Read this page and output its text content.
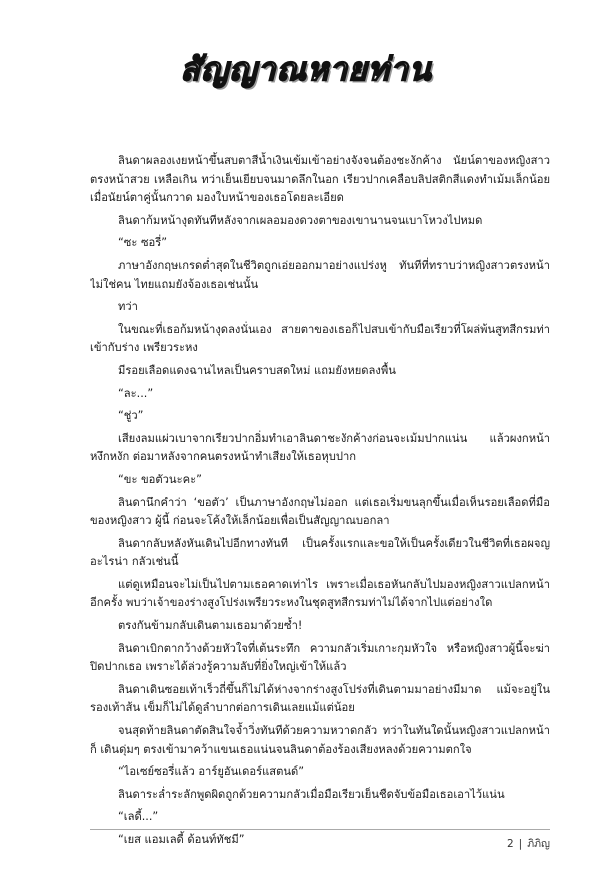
สัญญาณหายท่าน

ลินดาผลองเงยหน้าขึ้นสบตาสีน้ำเงินเข้มเข้าอย่างจังจนต้องชะงักค้าง นัยน์ตาของหญิงสาวตรงหน้าสวย เหลือเกิน ทว่าเย็นเยียบจนมาดลึกในอก เรียวปากเคลือบลิปสติกสีแดงทำเม้มเล็กน้อยเมื่อนัยน์ตาคู่นั้นกวาด มองใบหน้าของเธอโดยละเอียด

ลินดาก้มหน้างุดทันทีหลังจากเผลอมองดวงตาของเขานานจนเบาโหวงไปหมด

“ซะ ซอรี่”

ภาษาอังกฤษเกรดต่ำสุดในชีวิตถูกเอ่ยออกมาอย่างแปร่งหู ทันทีที่ทราบว่าหญิงสาวตรงหน้าไม่ใช่คน ไทยแถมยังจ้องเธอเช่นนั้น

ทว่า

ในขณะที่เธอก้มหน้างุดลงนั่นเอง สายตาของเธอก็ไปสบเข้ากับมือเรียวที่โผล่พ้นสูทสีกรมท่าเข้ากับร่าง เพรียวระหง

มีรอยเลือดแดงฉานไหลเป็นคราบสดใหม่ แถมยังหยดลงพื้น

“ละ...”

“ชู่ว”

เสียงลมแผ่วเบาจากเรียวปากอิ่มทำเอาลินดาชะงักค้างก่อนจะเม้มปากแน่น แล้วผงกหน้าหงึกหงัก ต่อมาหลังจากคนตรงหน้าทำเสียงให้เธอหุบปาก

“ขะ ขอตัวนะคะ”

ลินดานึกคำว่า ‘ขอตัว’ เป็นภาษาอังกฤษไม่ออก แต่เธอเริ่มขนลุกขึ้นเมื่อเห็นรอยเลือดที่มือของหญิงสาว ผู้นี้ ก่อนจะโค้งให้เล็กน้อยเพื่อเป็นสัญญาณบอกลา

ลินดากลับหลังหันเดินไปอีกทางทันที เป็นครั้งแรกและขอให้เป็นครั้งเดียวในชีวิตที่เธอผจญอะไรน่า กลัวเช่นนี้

แต่ดูเหมือนจะไม่เป็นไปตามเธอคาดเท่าไร เพราะเมื่อเธอหันกลับไปมองหญิงสาวแปลกหน้าอีกครั้ง พบว่าเจ้าของร่างสูงโปร่งเพรียวระหงในชุดสูทสีกรมท่าไม่ได้จากไปแต่อย่างใด

ตรงกันข้ามกลับเดินตามเธอมาด้วยซ้ำ!

ลินดาเบิกตากว้างด้วยหัวใจที่เต้นระทึก ความกลัวเริ่มเกาะกุมหัวใจ หรือหญิงสาวผู้นี้จะฆ่าปิดปากเธอ เพราะได้ล่วงรู้ความลับที่ยิ่งใหญ่เข้าให้แล้ว

ลินดาเดินซอยเท้าเร็วถี่ขึ้นก็ไม่ได้ห่างจากร่างสูงโปร่งที่เดินตามมาอย่างมีมาด แม้จะอยู่ในรองเท้าส้น เข็มก็ไม่ได้ดูลำบากต่อการเดินเลยแม้แต่น้อย

จนสุดท้ายลินดาตัดสินใจจ้ำวิ่งทันทีด้วยความหวาดกลัว ทว่าในทันใดนั้นหญิงสาวแปลกหน้าก็ เดินดุ่มๆ ตรงเข้ามาคว้าแขนเธอแน่นจนลินดาต้องร้องเสียงหลงด้วยความตกใจ

“ไอเซย์ซอรี่แล้ว อาร์ยูอันเดอร์แสตนด์”

ลินดาระล่ำระลักพูดผิดถูกด้วยความกลัวเมื่อมือเรียวเย็นชืดจับข้อมือเธอเอาไว้แน่น

“เลดี้...”

“เยส แอมเลดี้ ด้อนท์ทัชมี”	2 | ภิภิญ
